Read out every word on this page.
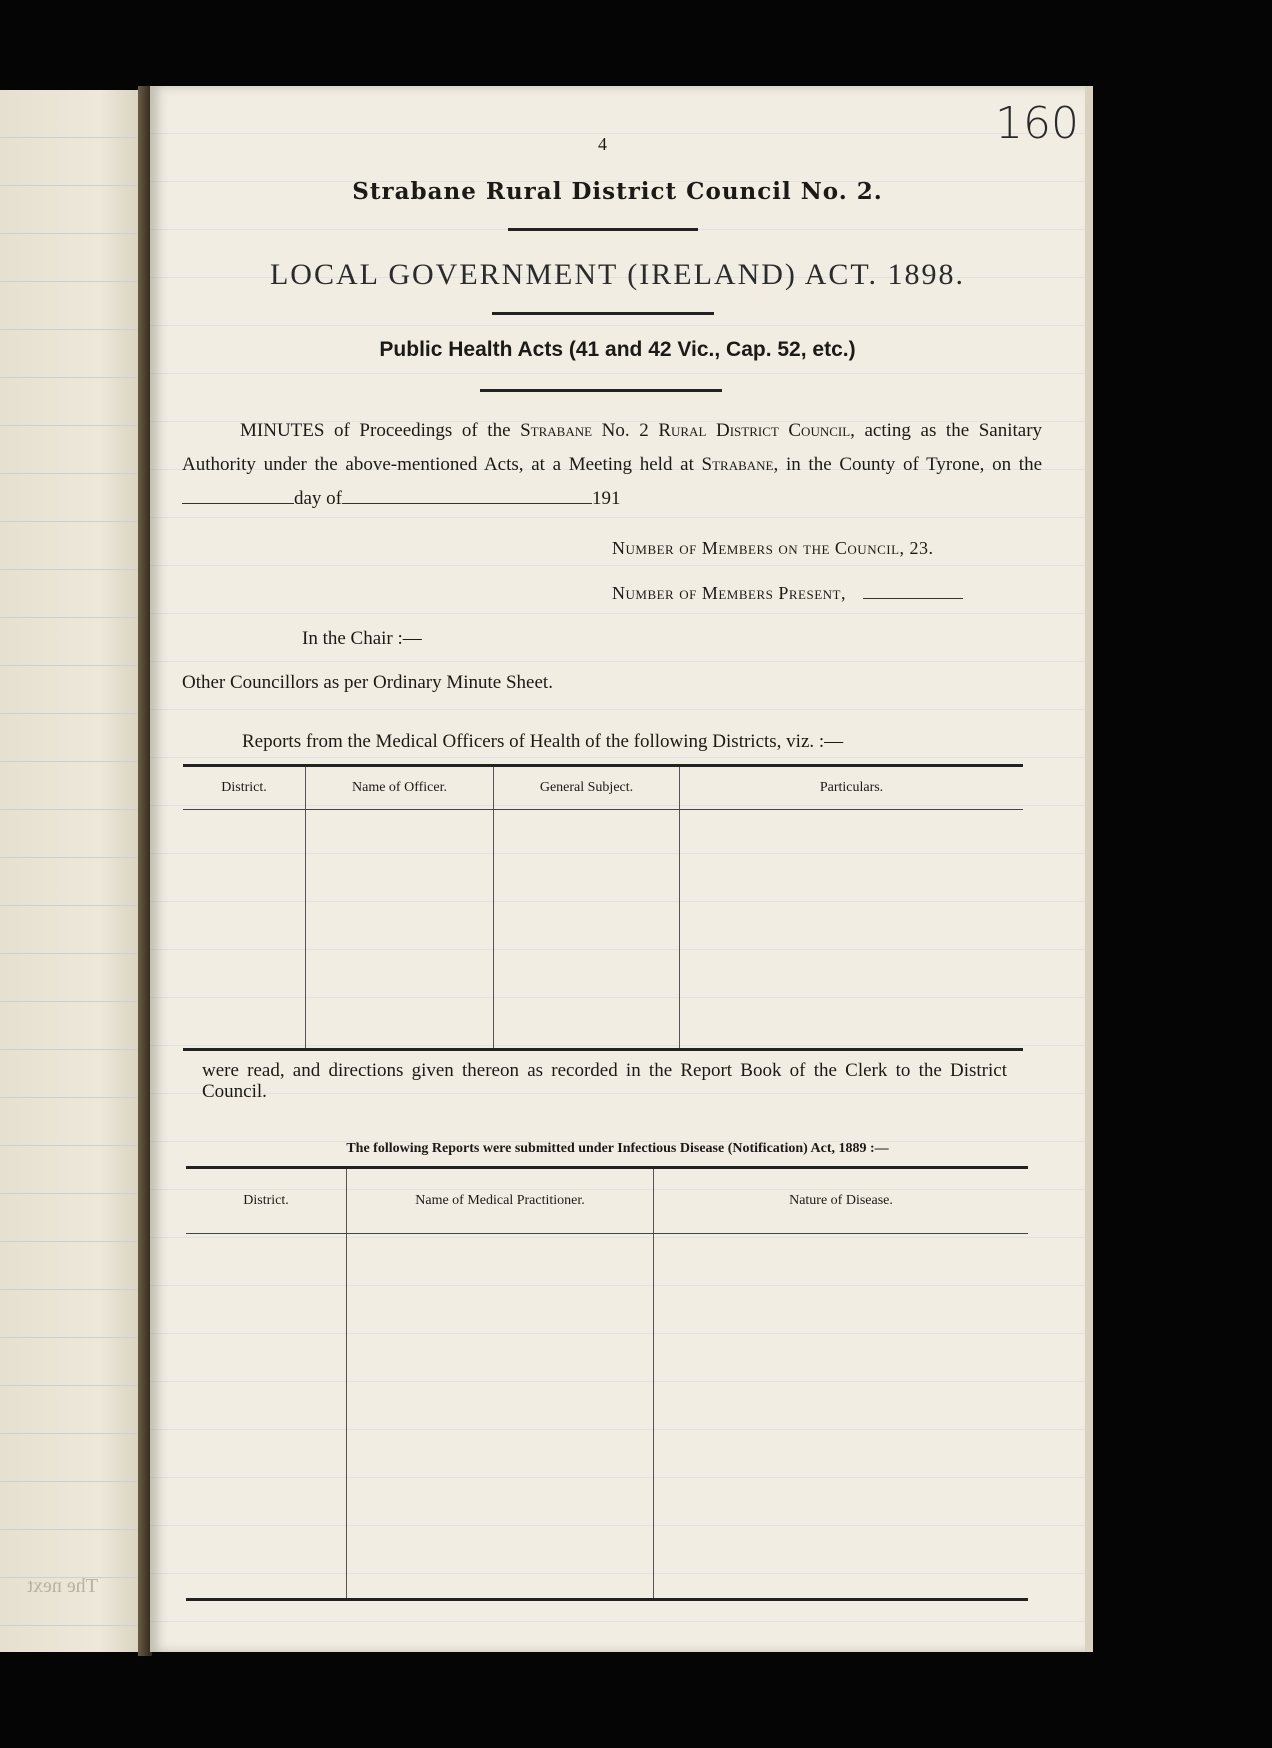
The next
160
4
Strabane Rural District Council No. 2.
LOCAL GOVERNMENT (IRELAND) ACT. 1898.
Public Health Acts (41 and 42 Vic., Cap. 52, etc.)
MINUTES of Proceedings of the Strabane No. 2 Rural District Council, acting as the Sanitary Authority under the above-mentioned Acts, at a Meeting held at Strabane, in the County of Tyrone, on theday of	191
Number of Members on the Council, 23.
Number of Members Present,
In the Chair :—
Other Councillors as per Ordinary Minute Sheet.
Reports from the Medical Officers of Health of the following Districts, viz. :—
District.	Name of Officer.	General Subject.	Particulars.

were read, and directions given thereon as recorded in the Report Book of the Clerk to the District Council.
The following Reports were submitted under Infectious Disease (Notification) Act, 1889 :—
District.	Name of Medical Practitioner.	Nature of Disease.
